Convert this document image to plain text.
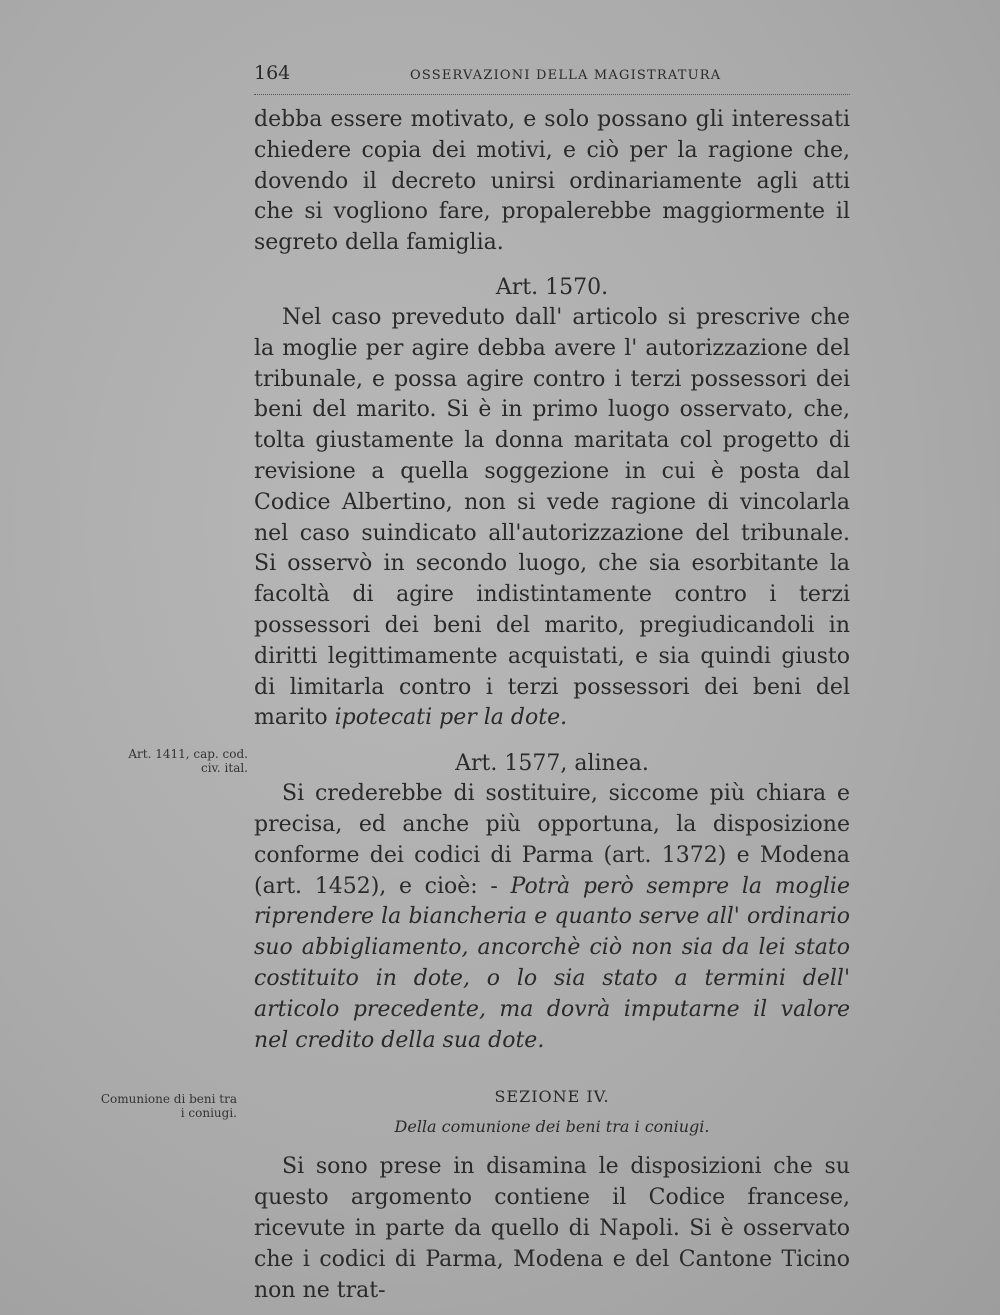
164	OSSERVAZIONI DELLA MAGISTRATURA

debba essere motivato, e solo possano gli interessati chiedere copia dei motivi, e ciò per la ragione che, dovendo il decreto unirsi ordinariamente agli atti che si vogliono fare, propalerebbe maggiormente il segreto della famiglia.

Art. 1570.

Nel caso preveduto dall' articolo si prescrive che la moglie per agire debba avere l' autorizzazione del tribunale, e possa agire contro i terzi possessori dei beni del marito. Si è in primo luogo osservato, che, tolta giustamente la donna maritata col progetto di revisione a quella soggezione in cui è posta dal Codice Albertino, non si vede ragione di vincolarla nel caso suindicato all'autorizzazione del tribunale. Si osservò in secondo luogo, che sia esorbitante la facoltà di agire indistintamente contro i terzi possessori dei beni del marito, pregiudicandoli in diritti legittimamente acquistati, e sia quindi giusto di limitarla contro i terzi possessori dei beni del marito ipotecati per la dote.

Art. 1577, alinea.

Si crederebbe di sostituire, siccome più chiara e precisa, ed anche più opportuna, la disposizione conforme dei codici di Parma (art. 1372) e Modena (art. 1452), e cioè: - Potrà però sempre la moglie riprendere la biancheria e quanto serve all' ordinario suo abbigliamento, ancorchè ciò non sia da lei stato costituito in dote, o lo sia stato a termini dell' articolo precedente, ma dovrà imputarne il valore nel credito della sua dote.

SEZIONE IV.
Della comunione dei beni tra i coniugi.

Si sono prese in disamina le disposizioni che su questo argomento contiene il Codice francese, ricevute in parte da quello di Napoli. Si è osservato che i codici di Parma, Modena e del Cantone Ticino non ne trat-

Art. 1411, cap. cod. civ. ital.
Comunione di beni tra i coniugi.
